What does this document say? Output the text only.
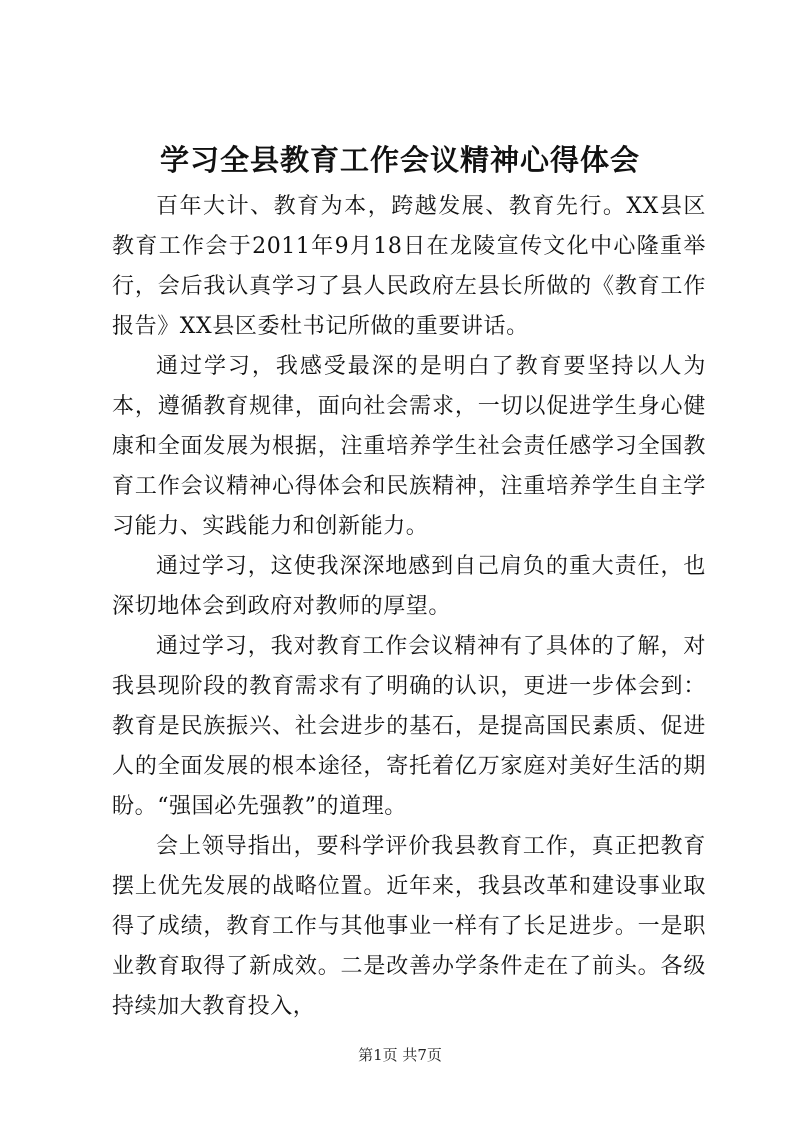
学习全县教育工作会议精神心得体会

百年大计、教育为本，跨越发展、教育先行。XX县区教育工作会于2011年9月18日在龙陵宣传文化中心隆重举行，会后我认真学习了县人民政府左县长所做的《教育工作报告》XX县区委杜书记所做的重要讲话。

通过学习，我感受最深的是明白了教育要坚持以人为本，遵循教育规律，面向社会需求，一切以促进学生身心健康和全面发展为根据，注重培养学生社会责任感学习全国教育工作会议精神心得体会和民族精神，注重培养学生自主学习能力、实践能力和创新能力。

通过学习，这使我深深地感到自己肩负的重大责任，也深切地体会到政府对教师的厚望。

通过学习，我对教育工作会议精神有了具体的了解，对我县现阶段的教育需求有了明确的认识，更进一步体会到：教育是民族振兴、社会进步的基石，是提高国民素质、促进人的全面发展的根本途径，寄托着亿万家庭对美好生活的期盼。“强国必先强教”的道理。

会上领导指出，要科学评价我县教育工作，真正把教育摆上优先发展的战略位置。近年来，我县改革和建设事业取得了成绩，教育工作与其他事业一样有了长足进步。一是职业教育取得了新成效。二是改善办学条件走在了前头。各级持续加大教育投入，

第1页 共7页
